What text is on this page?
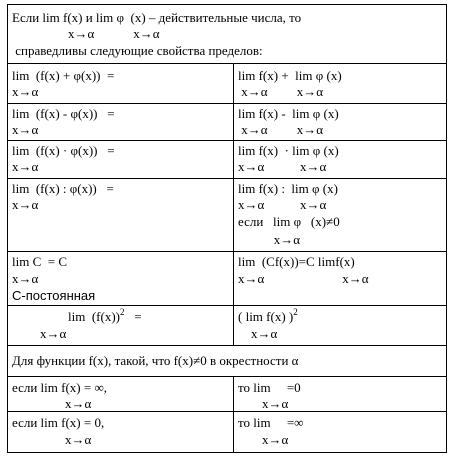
Если lim f(x) и lim φ  (x) – действительные числа, то
x→α            x→α
справедливы следующие свойства пределов:
lim  (f(x) + φ(x))  =
x→α
lim f(x) +  lim φ (x)
x→α         x→α
lim  (f(x) - φ(x))   =
x→α
lim f(x) -  lim φ (x)
x→α         x→α
lim  (f(x) · φ(x))   =
x→α
lim f(x)  · lim φ (x)
x→α           x→α
lim  (f(x) : φ(x))   =
x→α
lim f(x) :  lim φ (x)
x→α           x→α
если   lim φ   (x)≠0
x→α
lim C  = C
x→α
C-постоянная
lim  (Cf(x))=C limf(x)
x→α                        x→α
$\lim (f(x))^2$   =
x→α
( lim f(x) )$^2$
x→α
Для функции f(x), такой, что f(x)≠0 в окрестности α
если lim f(x) = ∞,
x→α
то lim     =0
x→α
если lim f(x) = 0,
x→α
то lim     =∞
x→α
